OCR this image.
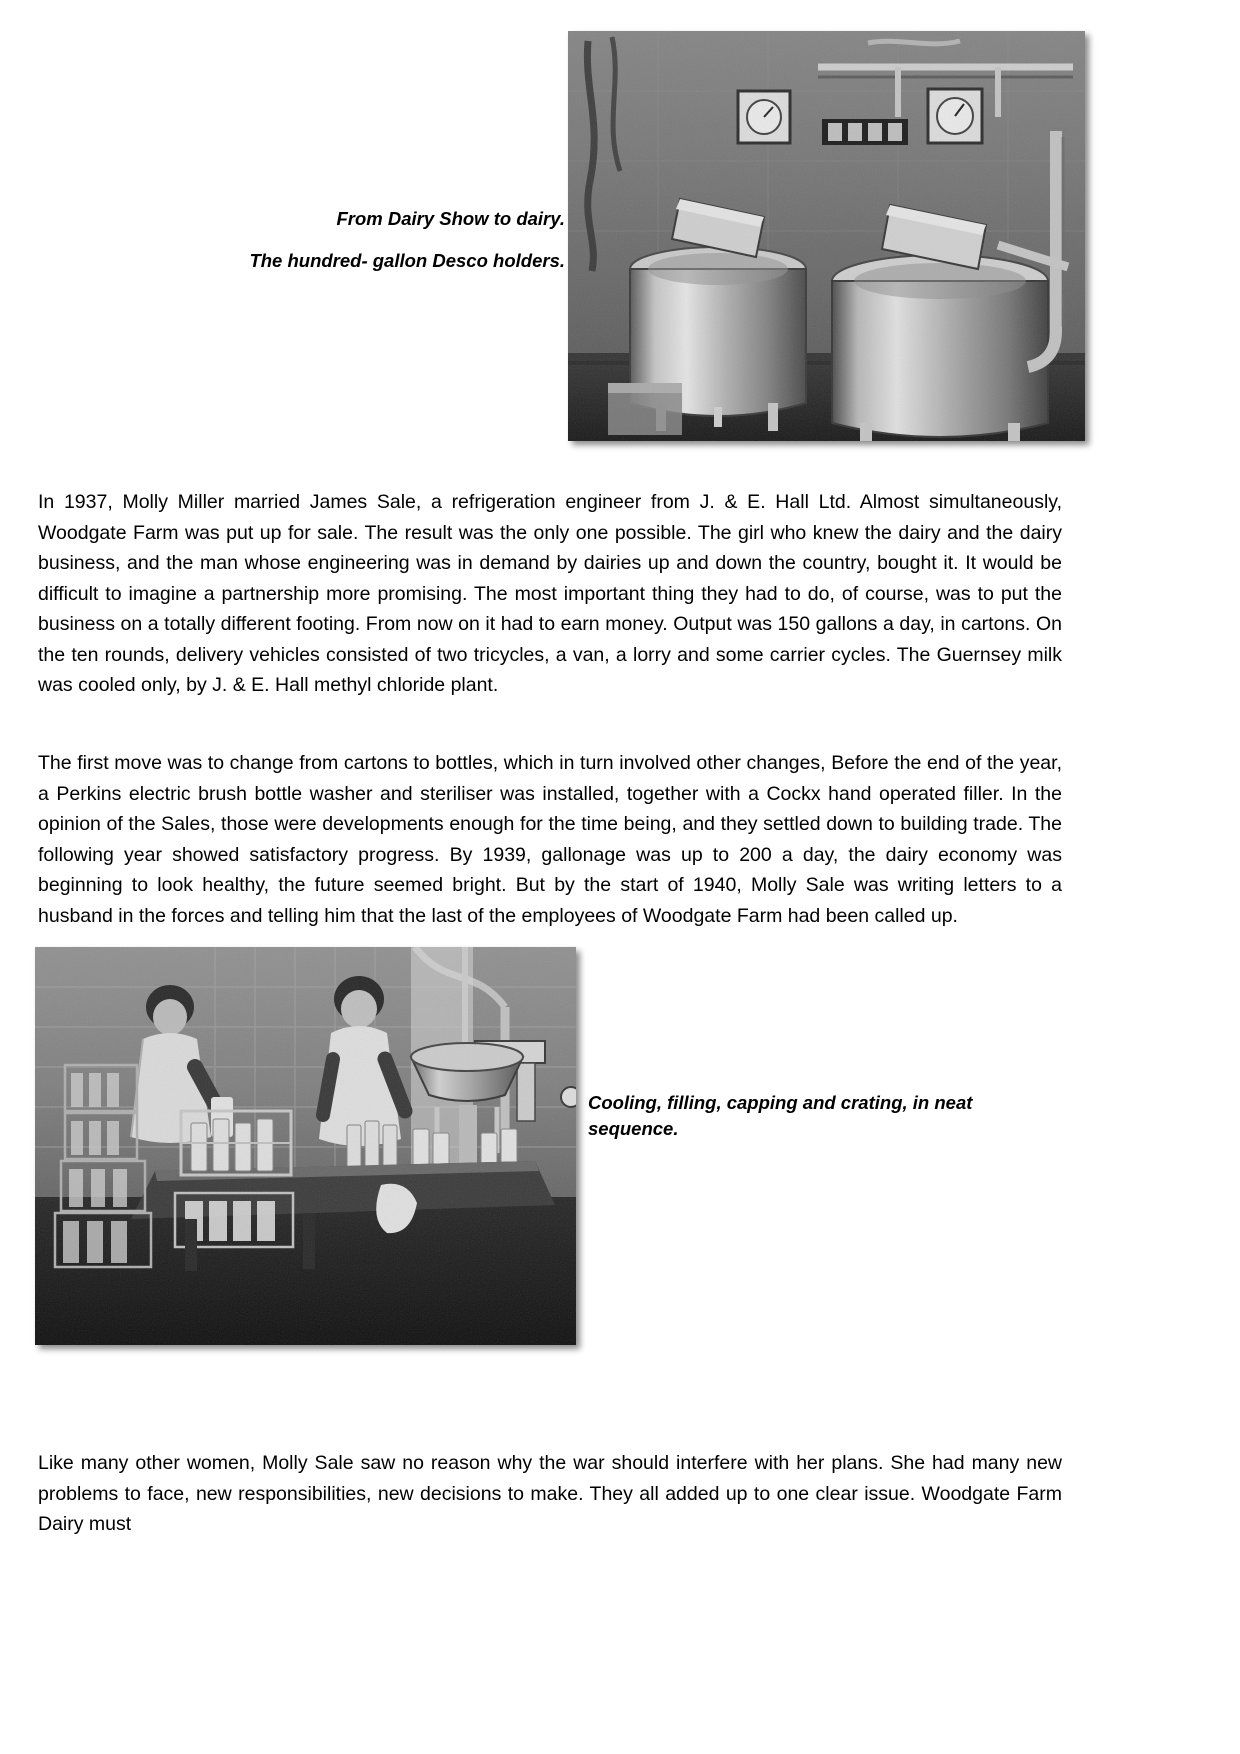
From Dairy Show to dairy.
The hundred- gallon Desco holders.

In 1937, Molly Miller married James Sale, a refrigeration engineer from J. & E. Hall Ltd. Almost simultaneously, Woodgate Farm was put up for sale. The result was the only one possible. The girl who knew the dairy and the dairy business, and the man whose engineering was in demand by dairies up and down the country, bought it. It would be difficult to imagine a partnership more promising. The most important thing they had to do, of course, was to put the business on a totally different footing. From now on it had to earn money. Output was 150 gallons a day, in cartons. On the ten rounds, delivery vehicles consisted of two tricycles, a van, a lorry and some carrier cycles. The Guernsey milk was cooled only, by J. & E. Hall methyl chloride plant.

The first move was to change from cartons to bottles, which in turn involved other changes, Before the end of the year, a Perkins electric brush bottle washer and steriliser was installed, together with a Cockx hand operated filler. In the opinion of the Sales, those were developments enough for the time being, and they settled down to building trade. The following year showed satisfactory progress. By 1939, gallonage was up to 200 a day, the dairy economy was beginning to look healthy, the future seemed bright. But by the start of 1940, Molly Sale was writing letters to a husband in the forces and telling him that the last of the employees of Woodgate Farm had been called up.

Cooling, filling, capping and crating, in neat sequence.

Like many other women, Molly Sale saw no reason why the war should interfere with her plans. She had many new problems to face, new responsibilities, new decisions to make. They all added up to one clear issue. Woodgate Farm Dairy must
